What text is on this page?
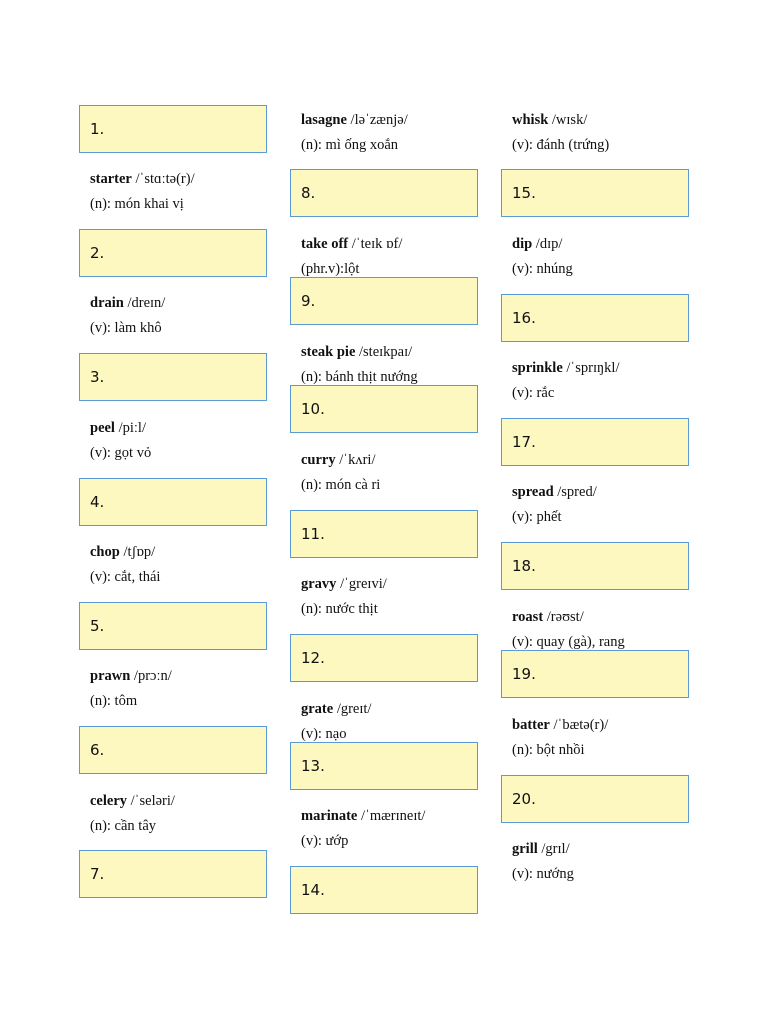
1.
starter /ˈstɑːtə(r)/
(n): món khai vị
2.
drain /dreɪn/
(v): làm khô
3.
peel /piːl/
(v): gọt vỏ
4.
chop /tʃɒp/
(v): cắt, thái
5.
prawn /prɔːn/
(n): tôm
6.
celery /ˈseləri/
(n): cần tây
7.
lasagne /ləˈzænjə/
(n): mì ống xoắn
8.
take off /ˈteɪk ɒf/
(phr.v):lột
9.
steak pie /steɪkpaɪ/
(n): bánh thịt nướng
10.
curry /ˈkʌri/
(n): món cà ri
11.
gravy /ˈgreɪvi/
(n): nước thịt
12.
grate /greɪt/
(v): nạo
13.
marinate /ˈmærɪneɪt/
(v): ướp
14.
whisk /wɪsk/
(v): đánh (trứng)
15.
dip /dɪp/
(v): nhúng
16.
sprinkle /ˈsprɪŋkl/
(v): rắc
17.
spread /spred/
(v): phết
18.
roast /rəʊst/
(v): quay (gà), rang
19.
batter /ˈbætə(r)/
(n): bột nhồi
20.
grill /grɪl/
(v): nướng
